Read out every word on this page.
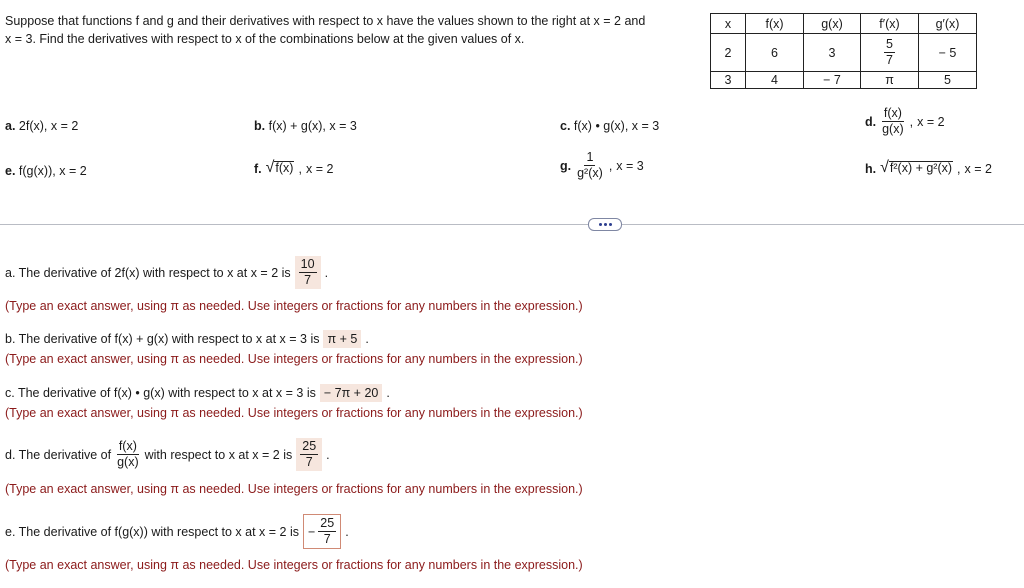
Suppose that functions f and g and their derivatives with respect to x have the values shown to the right at x = 2 and
x = 3. Find the derivatives with respect to x of the combinations below at the given values of x.
x	f(x)	g(x)	f′(x)	g′(x)
2	6	3	$\frac{5}{7}$	− 5
3	4	− 7	π	5
a. 2f(x), x = 2	b. f(x) + g(x), x = 3	c. f(x) • g(x), x = 3	d. $\frac{f(x)}{g(x)}$ , x = 2
e. f(g(x)), x = 2	f. √ f(x) , x = 2	g. $\frac{1}{\text{g²(x)}}$ , x = 3	h. √ f²(x) + g²(x) , x = 2
a. The derivative of 2f(x) with respect to x at x = 2 is $\frac{10}{7}$ .
(Type an exact answer, using π as needed. Use integers or fractions for any numbers in the expression.)
b. The derivative of f(x) + g(x) with respect to x at x = 3 is π + 5 .
(Type an exact answer, using π as needed. Use integers or fractions for any numbers in the expression.)
c. The derivative of f(x) • g(x) with respect to x at x = 3 is − 7π + 20 .
(Type an exact answer, using π as needed. Use integers or fractions for any numbers in the expression.)
d. The derivative of $\frac{f(x)}{g(x)}$ with respect to x at x = 2 is $\frac{25}{7}$ .
(Type an exact answer, using π as needed. Use integers or fractions for any numbers in the expression.)
e. The derivative of f(g(x)) with respect to x at x = 2 is − $\frac{25}{7}$ .
(Type an exact answer, using π as needed. Use integers or fractions for any numbers in the expression.)
